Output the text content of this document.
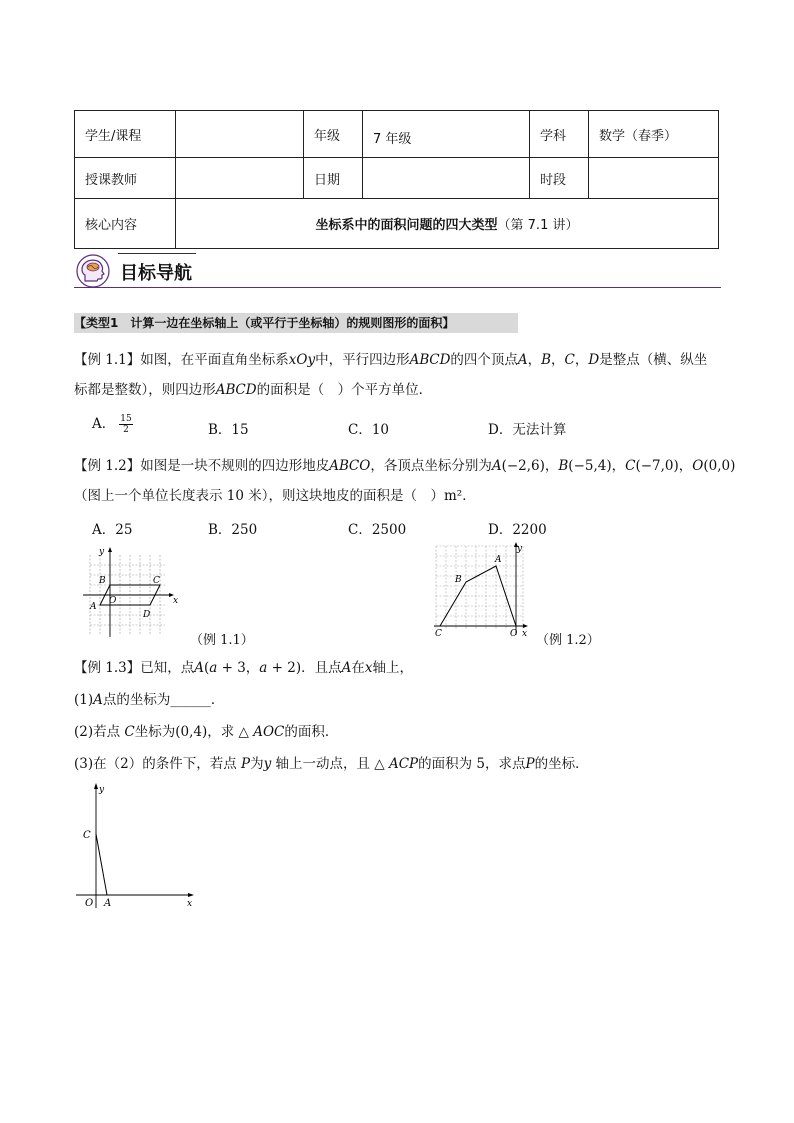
学生/课程		年级	7 年级	学科	数学（春季）
授课教师		日期		时段	
核心内容	坐标系中的面积问题的四大类型（第 7.1 讲）				
目标导航
【类型1　计算一边在坐标轴上（或平行于坐标轴）的规则图形的面积】
【例 1.1】如图，在平面直角坐标系𝑥𝑂𝑦中，平行四边形𝐴𝐵𝐶𝐷的四个顶点𝐴，𝐵，𝐶，𝐷是整点（横、纵坐
标都是整数），则四边形𝐴𝐵𝐶𝐷的面积是（　）个平方单位．
A． $\frac{15}{2}$	B．15	C．10	D．无法计算
【例 1.2】如图是一块不规则的四边形地皮𝐴𝐵𝐶𝑂，各顶点坐标分别为𝐴(−2,6)，𝐵(−5,4)，𝐶(−7,0)，𝑂(0,0)
（图上一个单位长度表示 10 米），则这块地皮的面积是（　）m²．
A．25	B．250	C．2500	D．2200
x
y
B	C
A
D
O
（例 1.1）
y
x
A
B
C	O （例 1.2）
【例 1.3】已知，点𝐴(𝑎 + 3，𝑎 + 2)．且点𝐴在𝑥轴上，
(1)𝐴点的坐标为______．
(2)若点 𝐶坐标为(0,4)，求 △ 𝐴𝑂𝐶的面积．
(3)在（2）的条件下，若点 𝑃为𝑦 轴上一动点，且 △ 𝐴𝐶𝑃的面积为 5，求点𝑃的坐标．
y
x
C
O A
